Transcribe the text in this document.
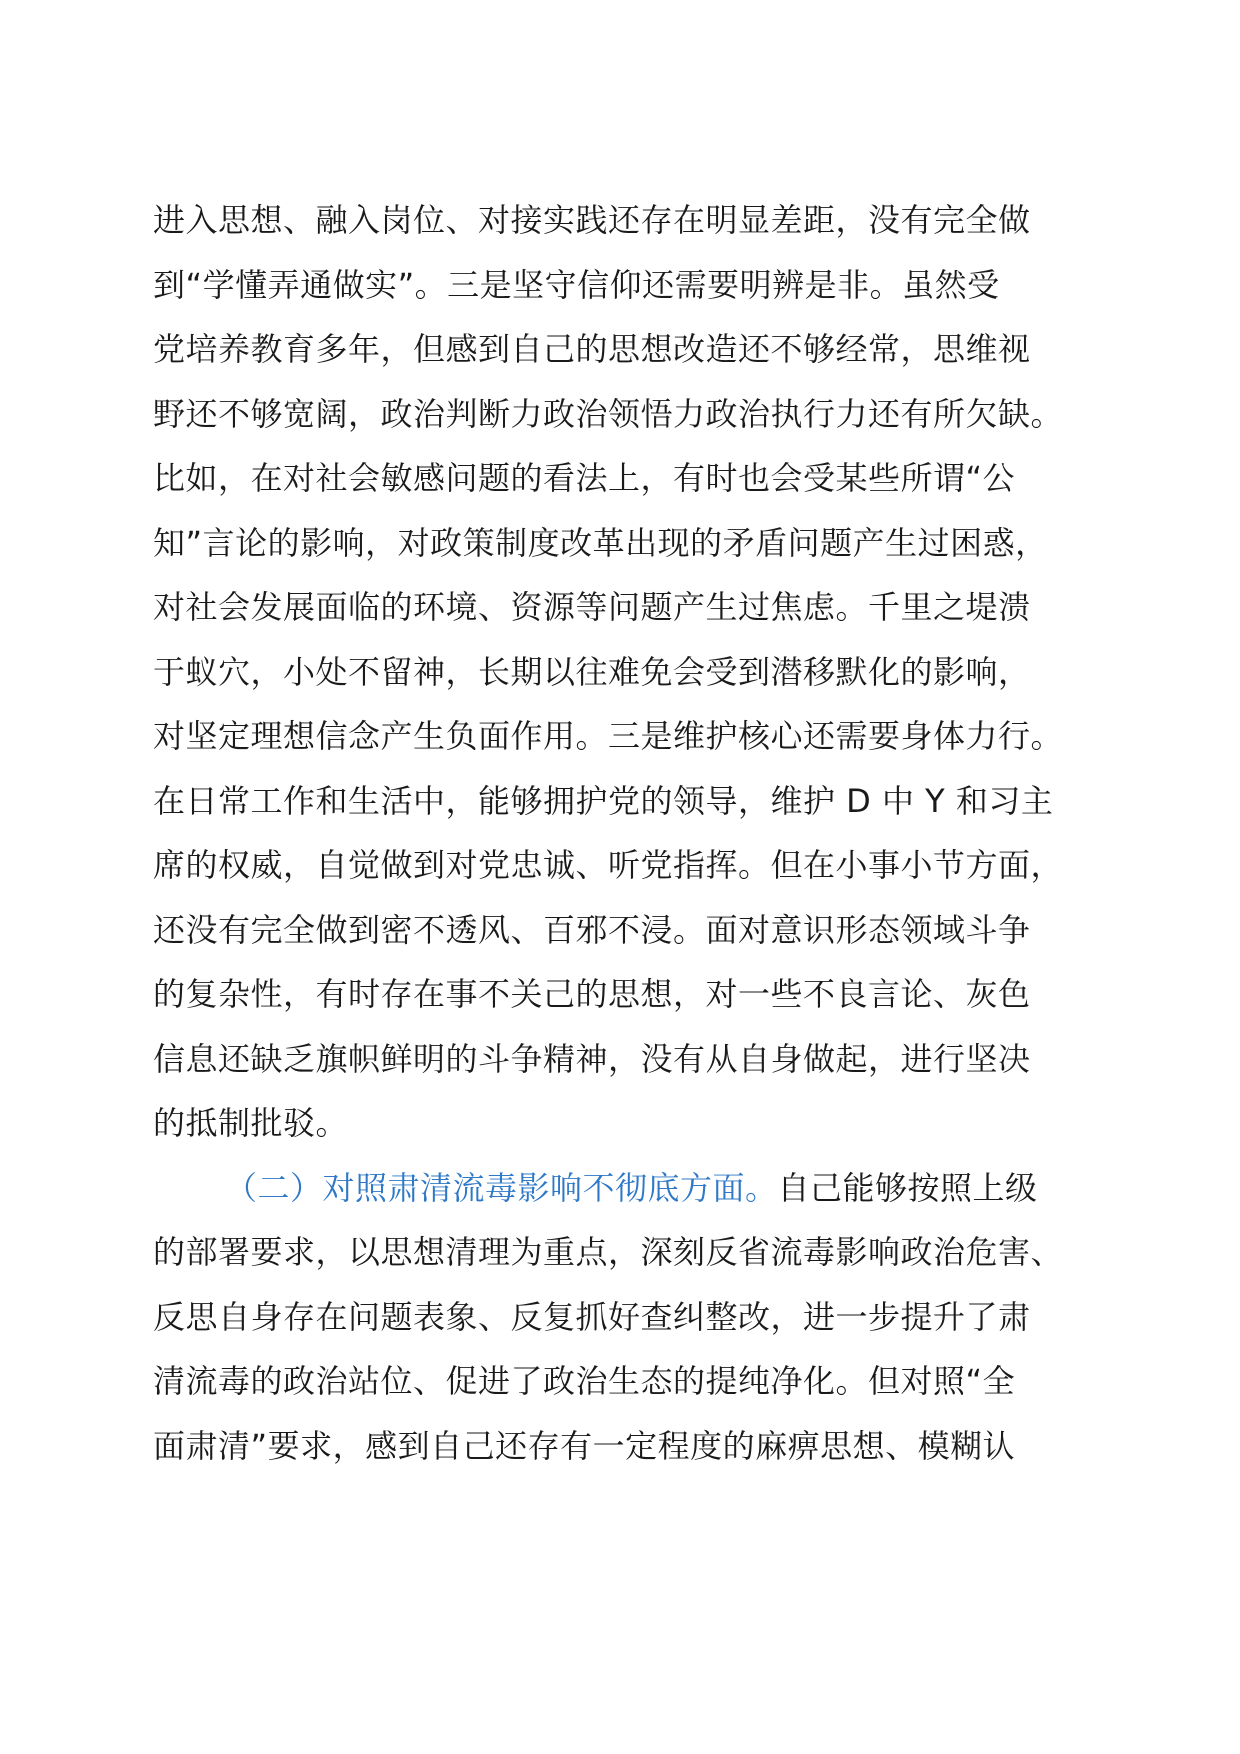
进入思想、融入岗位、对接实践还存在明显差距，没有完全做
到“学懂弄通做实”。三是坚守信仰还需要明辨是非。虽然受
党培养教育多年，但感到自己的思想改造还不够经常，思维视
野还不够宽阔，政治判断力政治领悟力政治执行力还有所欠缺。
比如，在对社会敏感问题的看法上，有时也会受某些所谓“公
知”言论的影响，对政策制度改革出现的矛盾问题产生过困惑，
对社会发展面临的环境、资源等问题产生过焦虑。千里之堤溃
于蚁穴，小处不留神，长期以往难免会受到潜移默化的影响，
对坚定理想信念产生负面作用。三是维护核心还需要身体力行。
在日常工作和生活中，能够拥护党的领导，维护 D 中 Y 和习主
席的权威，自觉做到对党忠诚、听党指挥。但在小事小节方面，
还没有完全做到密不透风、百邪不浸。面对意识形态领域斗争
的复杂性，有时存在事不关己的思想，对一些不良言论、灰色
信息还缺乏旗帜鲜明的斗争精神，没有从自身做起，进行坚决
的抵制批驳。
（二）对照肃清流毒影响不彻底方面。自己能够按照上级
的部署要求，以思想清理为重点，深刻反省流毒影响政治危害、
反思自身存在问题表象、反复抓好查纠整改，进一步提升了肃
清流毒的政治站位、促进了政治生态的提纯净化。但对照“全
面肃清”要求，感到自己还存有一定程度的麻痹思想、模糊认
